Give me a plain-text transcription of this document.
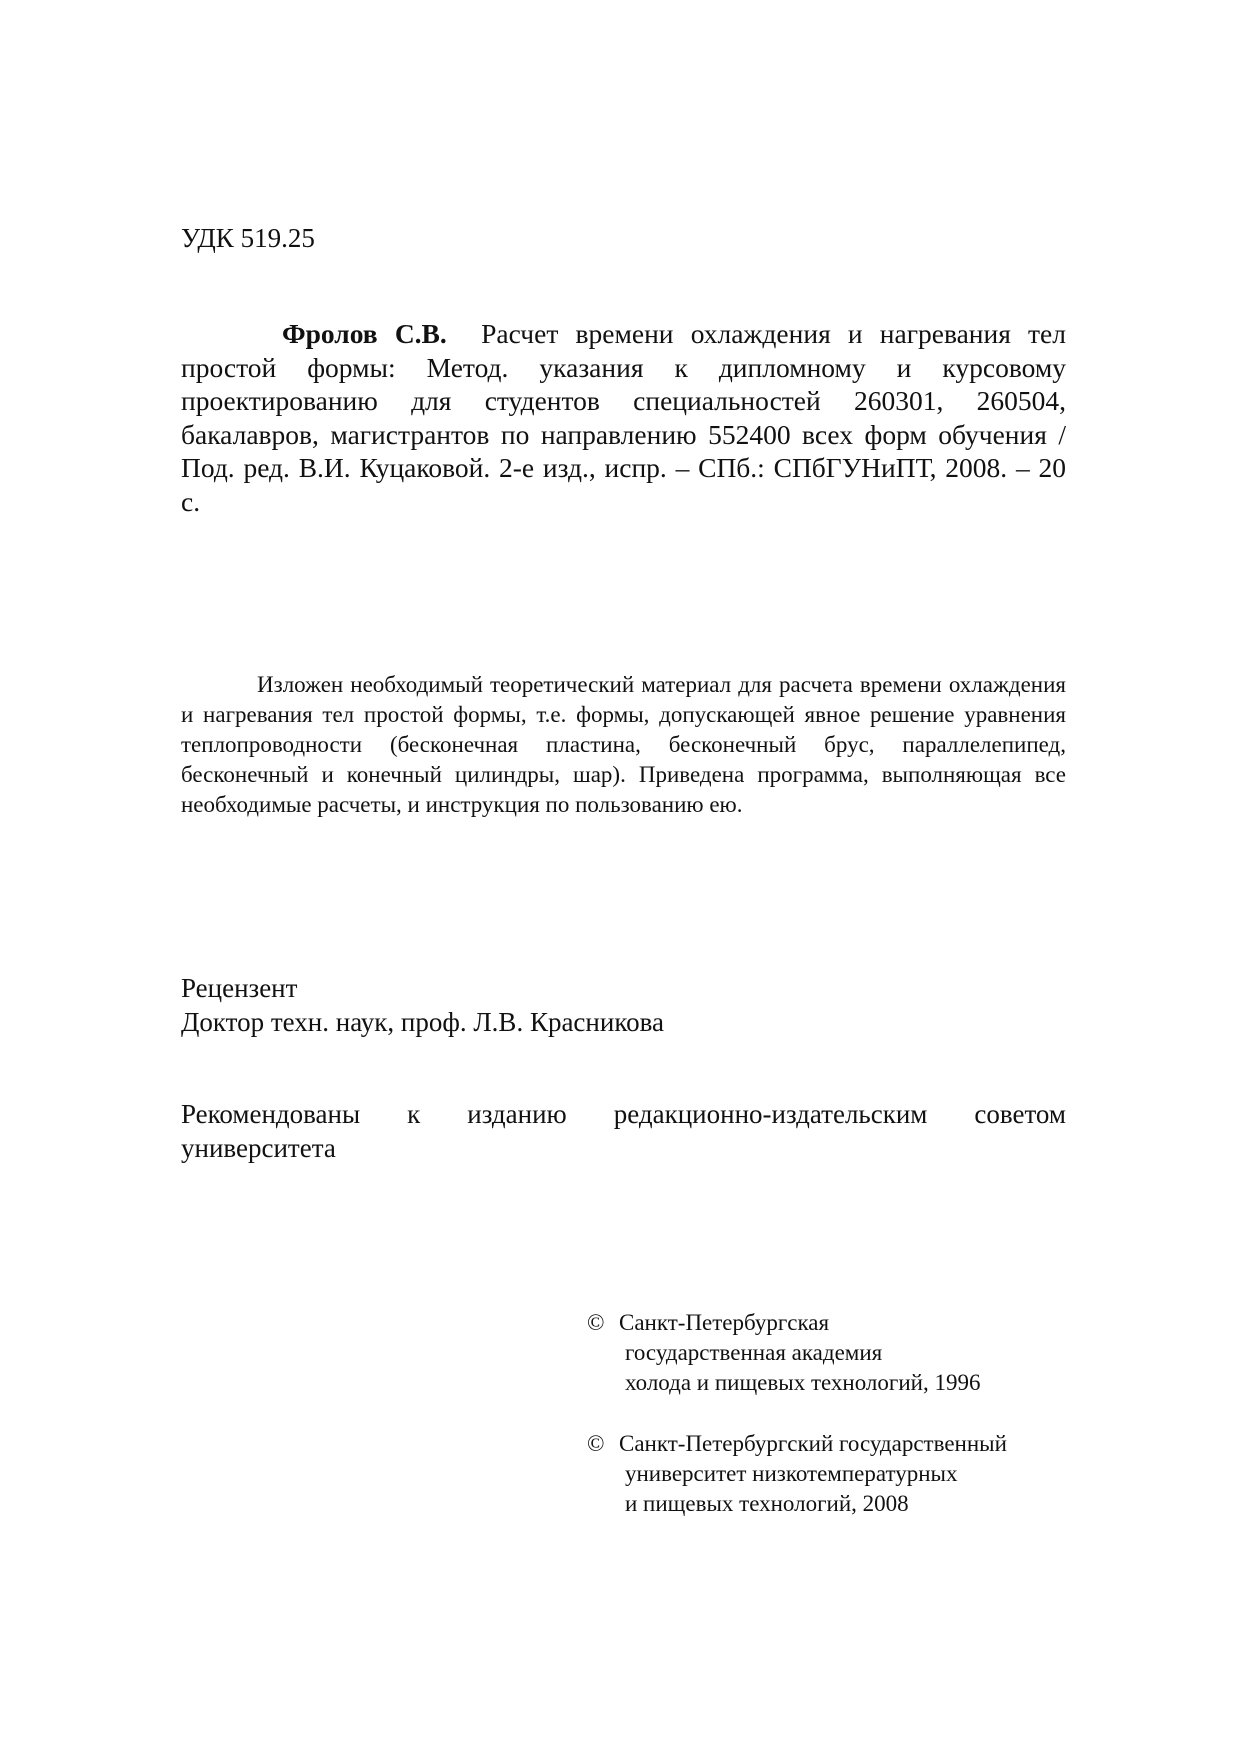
УДК 519.25
Фролов С.В. Расчет времени охлаждения и нагревания тел простой формы: Метод. указания к дипломному и курсовому проектированию для студентов специальностей 260301, 260504, бакалавров, магистрантов по направлению 552400 всех форм обучения / Под. ред. В.И. Куцаковой. 2-е изд., испр. – СПб.: СПбГУНиПТ, 2008. – 20 с.
Изложен необходимый теоретический материал для расчета времени охлаждения и нагревания тел простой формы, т.е. формы, допускающей явное решение уравнения теплопроводности (бесконечная пластина, бесконечный брус, параллелепипед, бесконечный и конечный цилиндры, шар). Приведена программа, выполняющая все необходимые расчеты, и инструкция по пользованию ею.
Рецензент
Доктор техн. наук, проф. Л.В. Красникова
Рекомендованы к изданию редакционно-издательским советом университета
© Санкт-Петербургская
государственная академия
холода и пищевых технологий, 1996
© Санкт-Петербургский государственный
университет низкотемпературных
и пищевых технологий, 2008
